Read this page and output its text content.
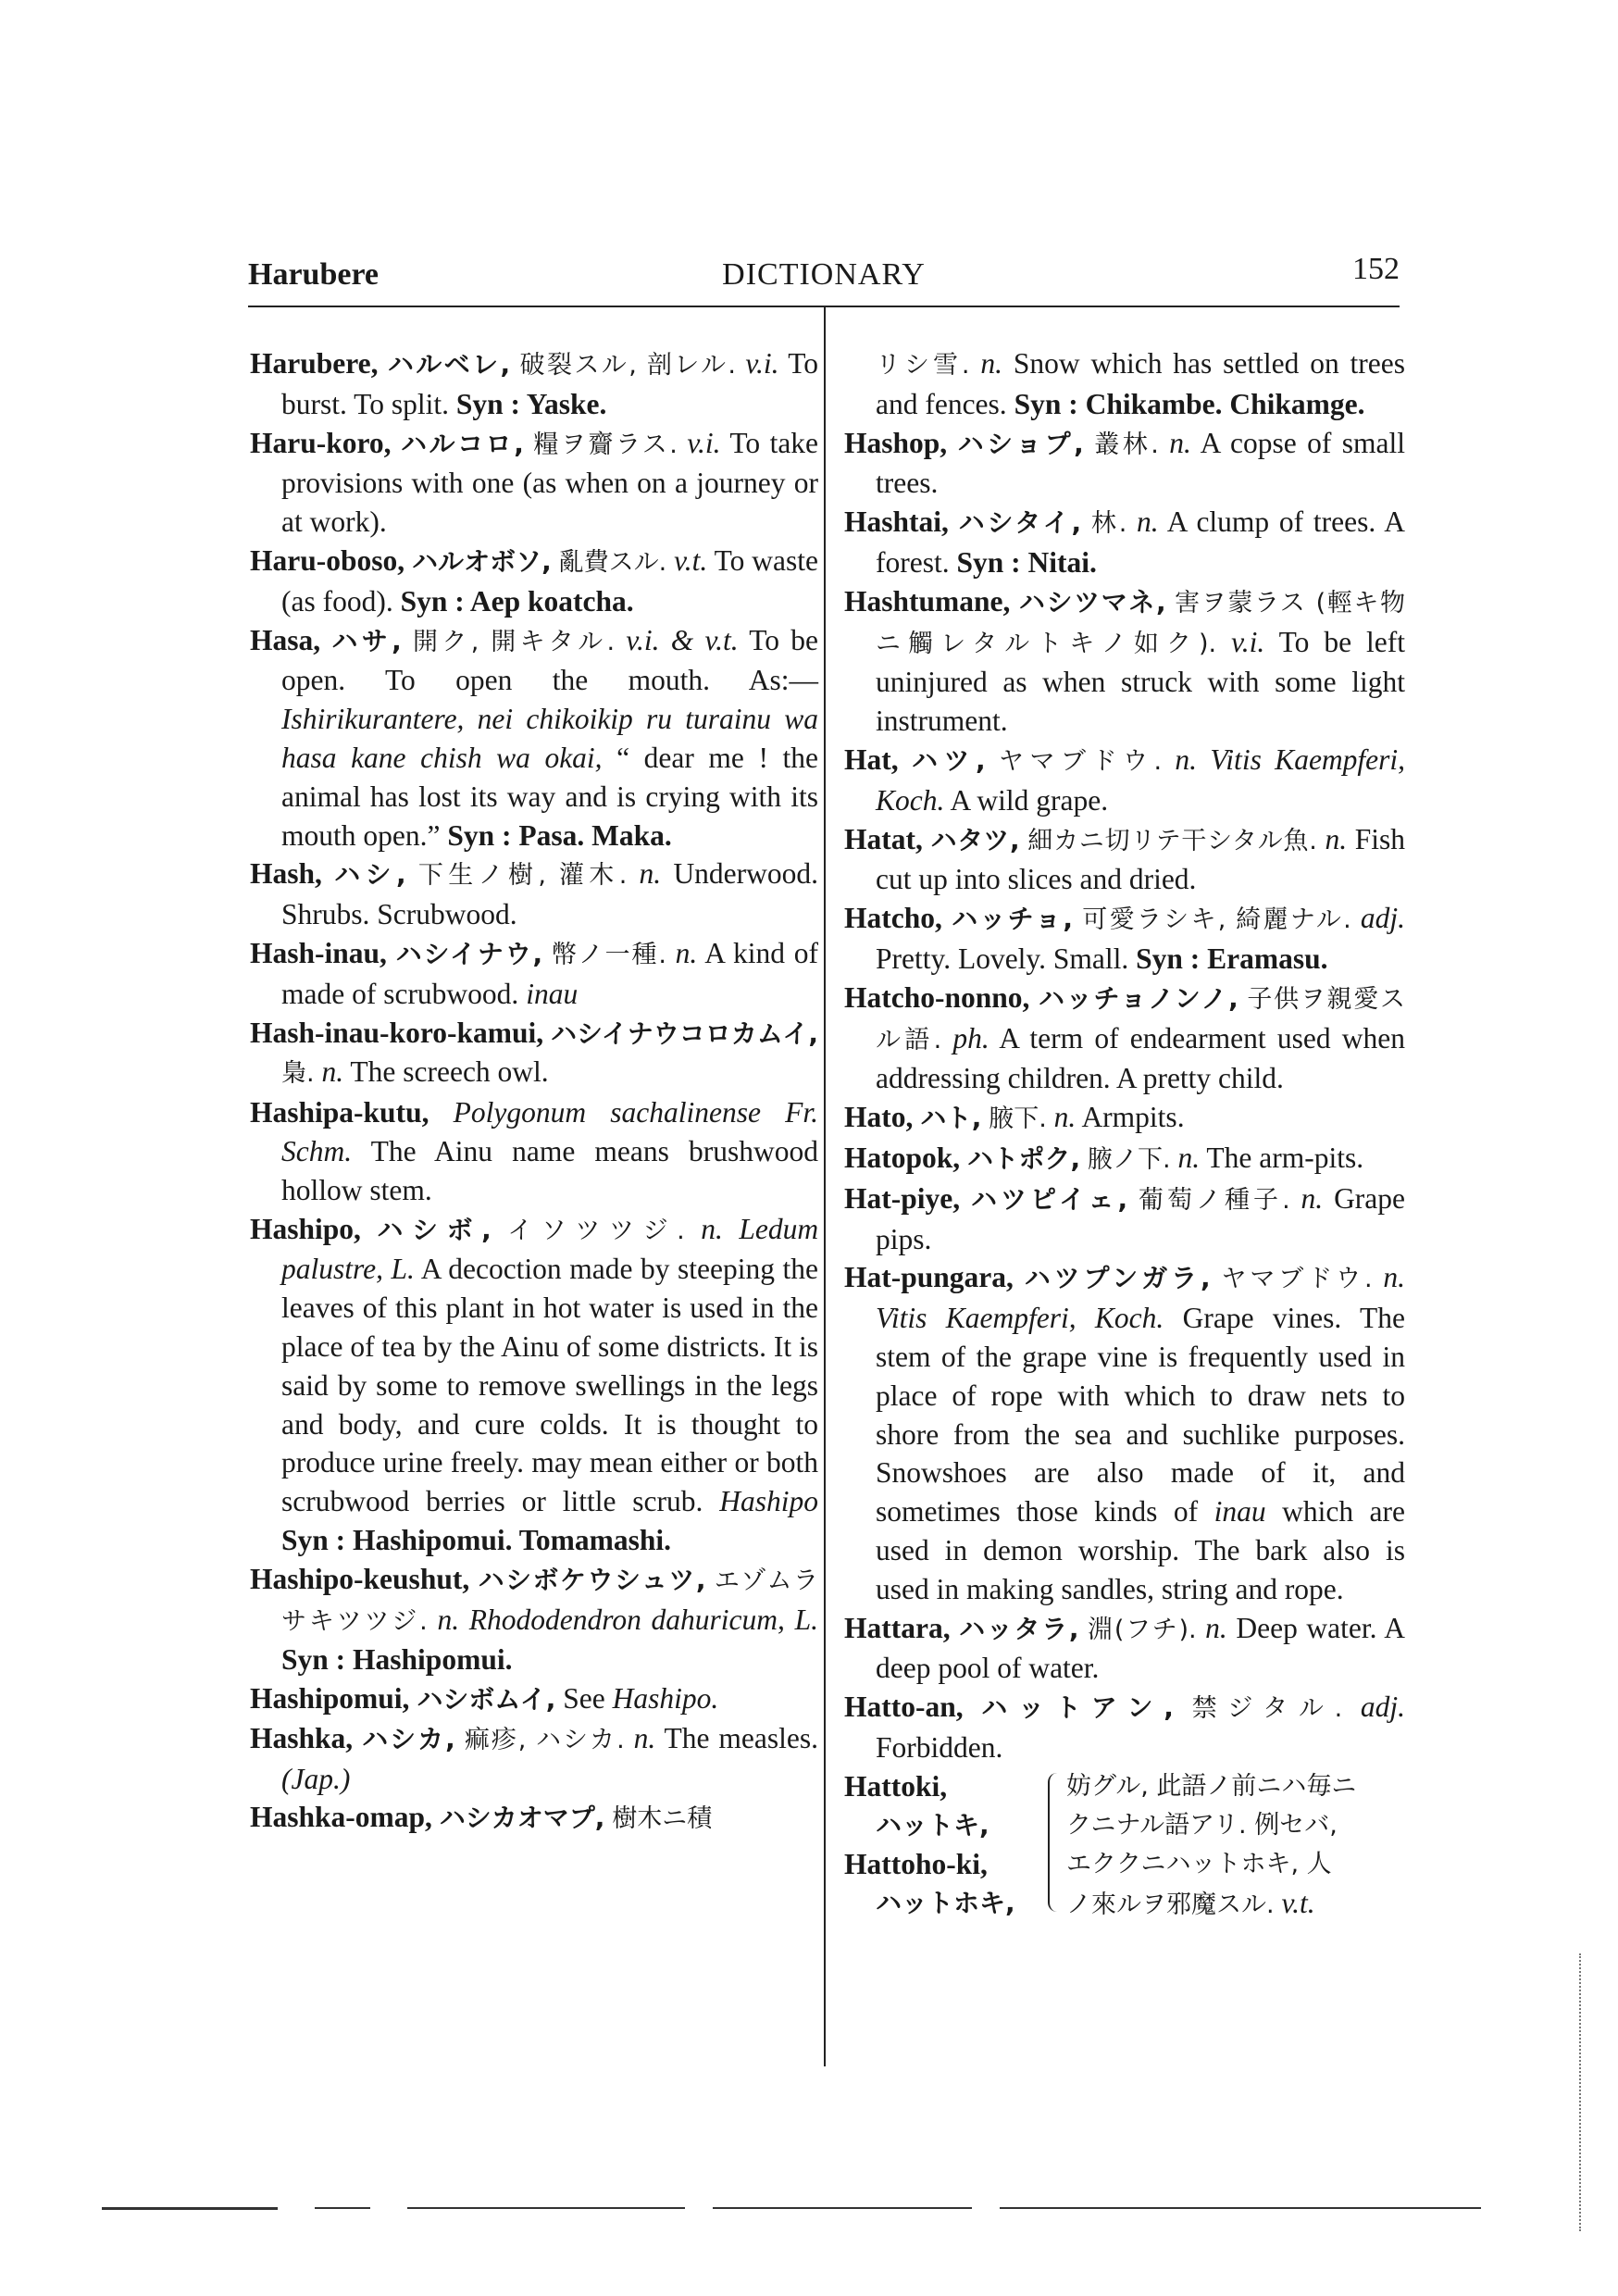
Harubere	DICTIONARY	152

Harubere, ハルベレ, 破裂スル, 剖レル. v.i. To burst. To split. Syn : Yaske.

Haru-koro, ハルコロ, 糧ヲ齎ラス. v.i. To take provisions with one (as when on a journey or at work).

Haru-oboso, ハルオボソ, 亂費スル. v.t. To waste (as food). Syn : Aep koatcha.

Hasa, ハサ, 開ク, 開キタル. v.i. & v.t. To be open. To open the mouth. As:— Ishirikurantere, nei chikoikip ru turainu wa hasa kane chish wa okai, “ dear me ! the animal has lost its way and is crying with its mouth open.” Syn : Pasa. Maka.

Hash, ハシ, 下生ノ樹, 灌木. n. Underwood. Shrubs. Scrubwood.

Hash-inau, ハシイナウ, 幣ノ一種. n. A kind of made of scrubwood. inau

Hash-inau-koro-kamui, ハシイナウコロカムイ, 梟. n. The screech owl.

Hashipa-kutu, Polygonum sachalinense Fr. Schm. The Ainu name means brushwood hollow stem.

Hashipo, ハシボ, イソツツジ. n. Ledum palustre, L. A decoction made by steeping the leaves of this plant in hot water is used in the place of tea by the Ainu of some districts. It is said by some to remove swellings in the legs and body, and cure colds. It is thought to produce urine freely. may mean either or both scrubwood berries or little scrub. Hashipo Syn : Hashipomui. Tomamashi.

Hashipo-keushut, ハシボケウシュツ, エゾムラサキツツジ. n. Rhododendron dahuricum, L. Syn : Hashipomui.

Hashipomui, ハシボムイ, See Hashipo.

Hashka, ハシカ, 痲疹, ハシカ. n. The measles. (Jap.)

Hashka-omap, ハシカオマプ, 樹木ニ積

リシ雪. n. Snow which has settled on trees and fences. Syn : Chikambe. Chikamge.

Hashop, ハショプ, 叢林. n. A copse of small trees.

Hashtai, ハシタイ, 林. n. A clump of trees. A forest. Syn : Nitai.

Hashtumane, ハシツマネ, 害ヲ蒙ラス (輕キ物ニ觸レタルトキノ如ク). v.i. To be left uninjured as when struck with some light instrument.

Hat, ハツ, ヤマブドウ. n. Vitis Kaempferi, Koch. A wild grape.

Hatat, ハタツ, 細カニ切リテ干シタル魚. n. Fish cut up into slices and dried.

Hatcho, ハッチョ, 可愛ラシキ, 綺麗ナル. adj. Pretty. Lovely. Small. Syn : Eramasu.

Hatcho-nonno, ハッチョノンノ, 子供ヲ親愛スル語. ph. A term of endearment used when addressing children. A pretty child.

Hato, ハト, 腋下. n. Armpits.

Hatopok, ハトポク, 腋ノ下. n. The arm-pits.

Hat-piye, ハツピイェ, 葡萄ノ種子. n. Grape pips.

Hat-pungara, ハツプンガラ, ヤマブドウ. n. Vitis Kaempferi, Koch. Grape vines. The stem of the grape vine is frequently used in place of rope with which to draw nets to shore from the sea and suchlike purposes. Snowshoes are also made of it, and sometimes those kinds of inau which are used in demon worship. The bark also is used in making sandles, string and rope.

Hattara, ハッタラ, 淵(フチ). n. Deep water. A deep pool of water.

Hatto-an, ハットアン, 禁ジタル. adj. Forbidden.

Hattoki,
ハットキ,
Hattoho-ki,
ハットホキ,
妨グル, 此語ノ前ニハ毎ニ
クニナル語アリ. 例セバ,
エククニハットホキ, 人
ノ來ルヲ邪魔スル. v.t.
